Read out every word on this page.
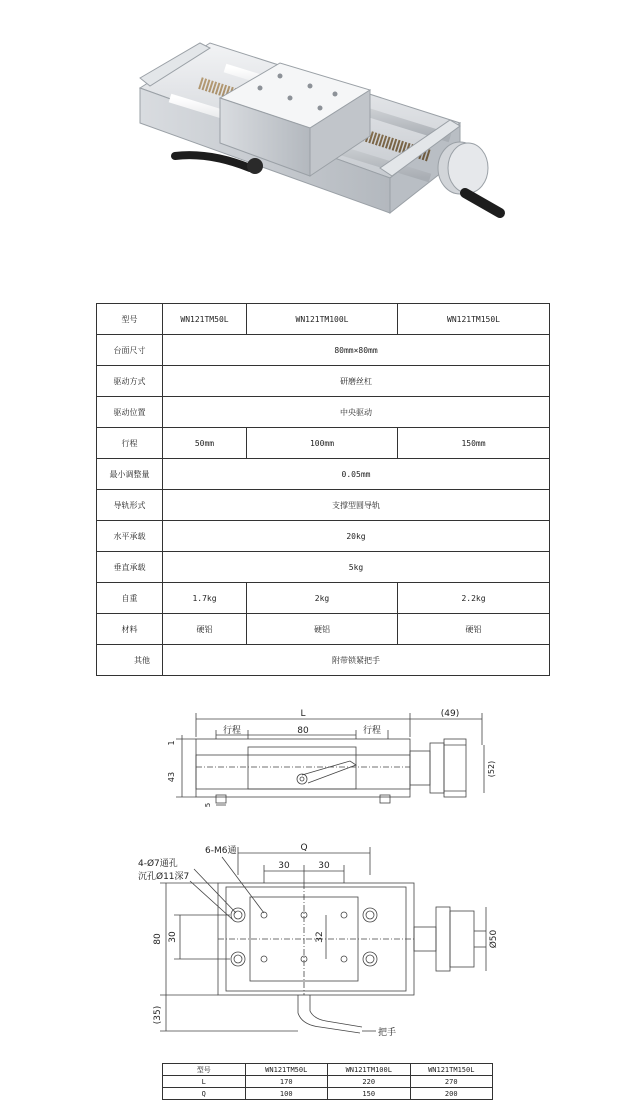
型号	WN121TM50L	WN121TM100L	WN121TM150L
台面尺寸	80mm×80mm		
驱动方式	研磨丝杠		
驱动位置	中央驱动		
行程	50mm	100mm	150mm
最小调整量	0.05mm		
导轨形式	支撑型圆导轨		
水平承载	20kg		
垂直承载	5kg		
自重	1.7kg	2kg	2.2kg
材料	硬铝	硬铝	硬铝
其他	附带锁紧把手		
L	(49)
行程	行程
80
1
43	(52)
5
6-M6通
4-Ø7通孔
沉孔Ø11深7
Q
30	30
80 30	32	Ø50
(35)
把手
型号	WN121TM50L	WN121TM100L	WN121TM150L
L	170	220	270
Q	100	150	200
